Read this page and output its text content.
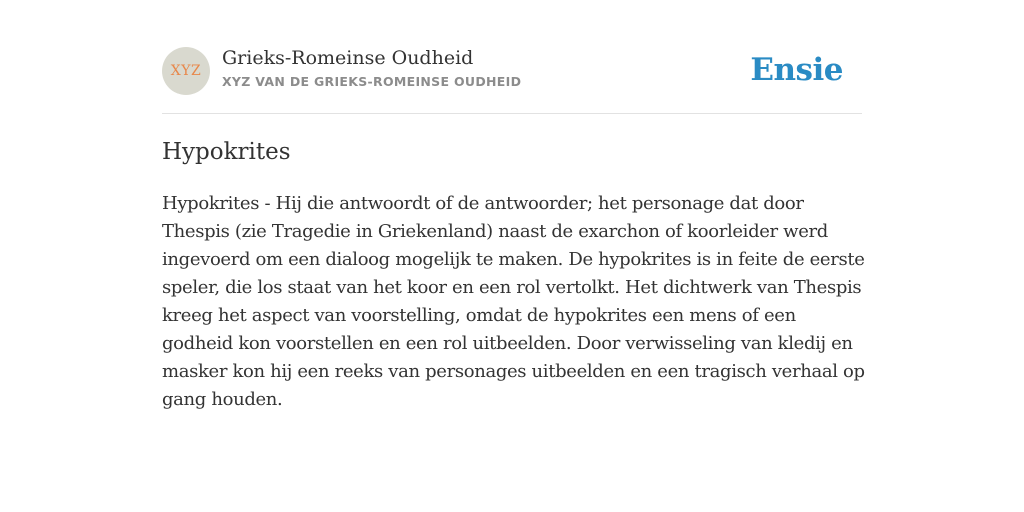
XYZ
Grieks-Romeinse Oudheid
XYZ VAN DE GRIEKS-ROMEINSE OUDHEID	Ensie
Hypokrites

Hypokrites - Hij die antwoordt of de antwoorder; het personage dat door Thespis (zie Tragedie in Griekenland) naast de exarchon of koorleider werd ingevoerd om een dialoog mogelijk te maken. De hypokrites is in feite de eerste speler, die los staat van het koor en een rol vertolkt. Het dichtwerk van Thespis kreeg het aspect van voorstelling, omdat de hypokrites een mens of een godheid kon voorstellen en een rol uitbeelden. Door verwisseling van kledij en masker kon hij een reeks van personages uitbeelden en een tragisch verhaal op gang houden.
